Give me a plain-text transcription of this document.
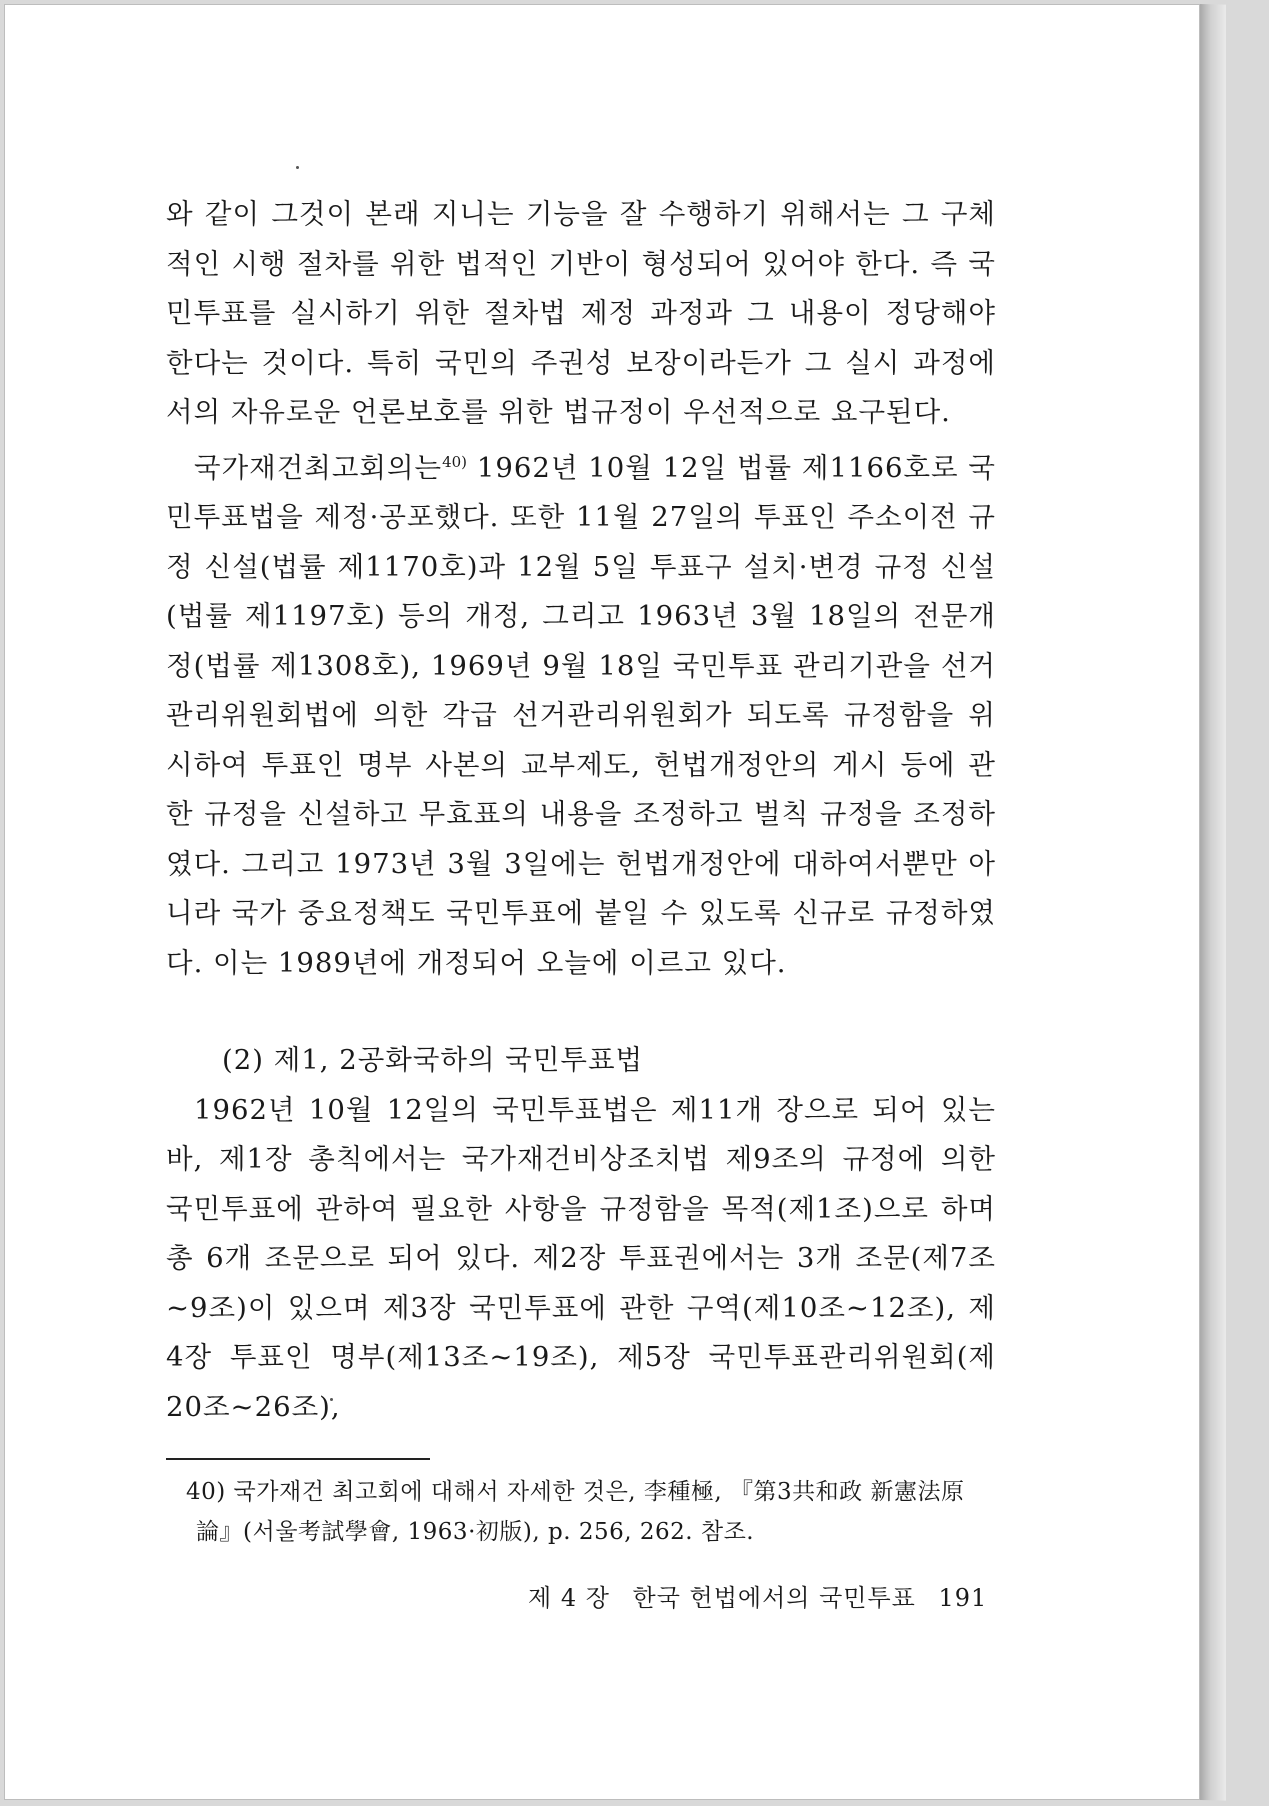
와 같이 그것이 본래 지니는 기능을 잘 수행하기 위해서는 그 구체적인 시행 절차를 위한 법적인 기반이 형성되어 있어야 한다. 즉 국민투표를 실시하기 위한 절차법 제정 과정과 그 내용이 정당해야 한다는 것이다. 특히 국민의 주권성 보장이라든가 그 실시 과정에서의 자유로운 언론보호를 위한 법규정이 우선적으로 요구된다.

국가재건최고회의는$^{40)}$ 1962년 10월 12일 법률 제1166호로 국민투표법을 제정·공포했다. 또한 11월 27일의 투표인 주소이전 규정 신설(법률 제1170호)과 12월 5일 투표구 설치·변경 규정 신설(법률 제1197호) 등의 개정, 그리고 1963년 3월 18일의 전문개정(법률 제1308호), 1969년 9월 18일 국민투표 관리기관을 선거관리위원회법에 의한 각급 선거관리위원회가 되도록 규정함을 위시하여 투표인 명부 사본의 교부제도, 헌법개정안의 게시 등에 관한 규정을 신설하고 무효표의 내용을 조정하고 벌칙 규정을 조정하였다. 그리고 1973년 3월 3일에는 헌법개정안에 대하여서뿐만 아니라 국가 중요정책도 국민투표에 붙일 수 있도록 신규로 규정하였다. 이는 1989년에 개정되어 오늘에 이르고 있다.

(2) 제1, 2공화국하의 국민투표법

1962년 10월 12일의 국민투표법은 제11개 장으로 되어 있는바, 제1장 총칙에서는 국가재건비상조치법 제9조의 규정에 의한 국민투표에 관하여 필요한 사항을 규정함을 목적(제1조)으로 하며 총 6개 조문으로 되어 있다. 제2장 투표권에서는 3개 조문(제7조~9조)이 있으며 제3장 국민투표에 관한 구역(제10조~12조), 제4장 투표인 명부(제13조~19조), 제5장 국민투표관리위원회(제20조~26조),

40) 국가재건 최고회에 대해서 자세한 것은, 李種極, 『第3共和政 新憲法原

論』(서울考試學會, 1963·初版), p. 256, 262. 참조.

제 4 장 한국 헌법에서의 국민투표 191
